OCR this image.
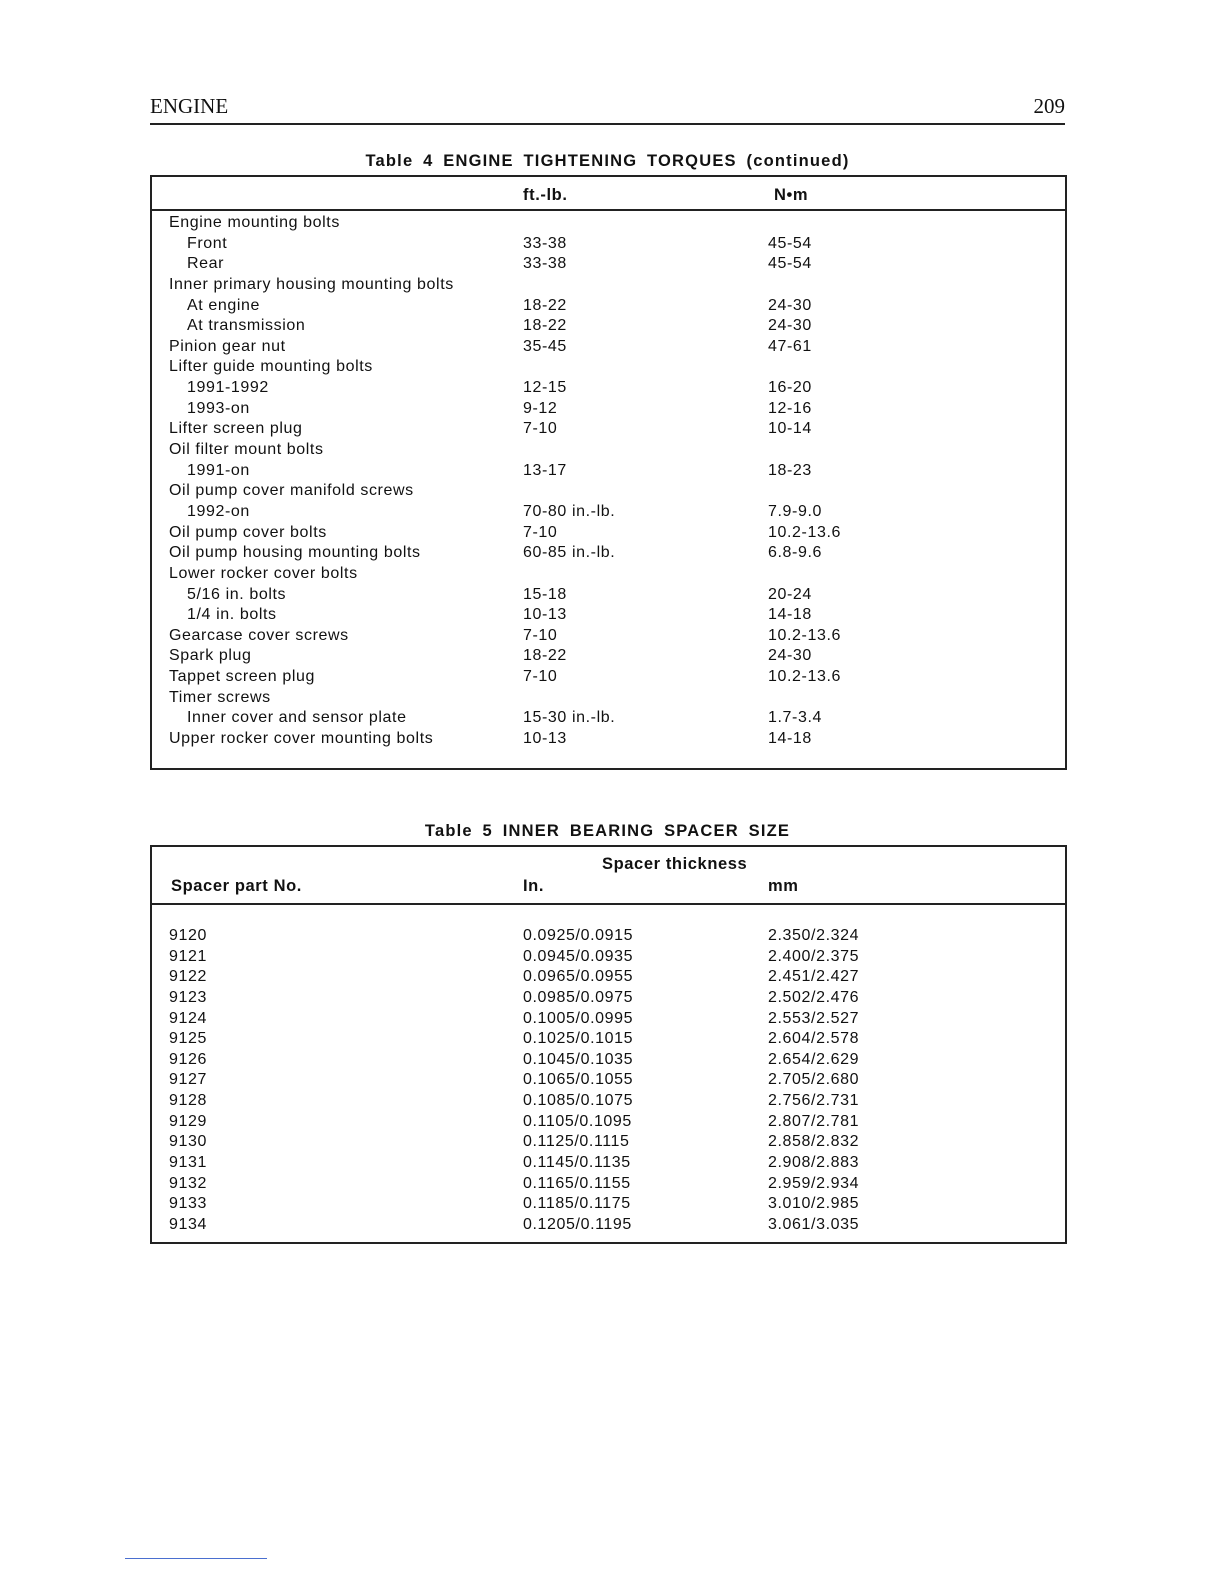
ENGINE	209
Table 4 ENGINE TIGHTENING TORQUES (continued)
ft.-lb.	N•m
Engine mounting bolts
Front	33-38	45-54
Rear	33-38	45-54
Inner primary housing mounting bolts
At engine	18-22	24-30
At transmission	18-22	24-30
Pinion gear nut	35-45	47-61
Lifter guide mounting bolts
1991-1992	12-15	16-20
1993-on	9-12	12-16
Lifter screen plug	7-10	10-14
Oil filter mount bolts
1991-on	13-17	18-23
Oil pump cover manifold screws
1992-on	70-80 in.-lb.	7.9-9.0
Oil pump cover bolts	7-10	10.2-13.6
Oil pump housing mounting bolts	60-85 in.-lb.	6.8-9.6
Lower rocker cover bolts
5/16 in. bolts	15-18	20-24
1/4 in. bolts	10-13	14-18
Gearcase cover screws	7-10	10.2-13.6
Spark plug	18-22	24-30
Tappet screen plug	7-10	10.2-13.6
Timer screws
Inner cover and sensor plate	15-30 in.-lb.	1.7-3.4
Upper rocker cover mounting bolts	10-13	14-18
Table 5 INNER BEARING SPACER SIZE
Spacer thickness
Spacer part No.	In.	mm
9120	0.0925/0.0915	2.350/2.324
9121	0.0945/0.0935	2.400/2.375
9122	0.0965/0.0955	2.451/2.427
9123	0.0985/0.0975	2.502/2.476
9124	0.1005/0.0995	2.553/2.527
9125	0.1025/0.1015	2.604/2.578
9126	0.1045/0.1035	2.654/2.629
9127	0.1065/0.1055	2.705/2.680
9128	0.1085/0.1075	2.756/2.731
9129	0.1105/0.1095	2.807/2.781
9130	0.1125/0.1115	2.858/2.832
9131	0.1145/0.1135	2.908/2.883
9132	0.1165/0.1155	2.959/2.934
9133	0.1185/0.1175	3.010/2.985
9134	0.1205/0.1195	3.061/3.035
